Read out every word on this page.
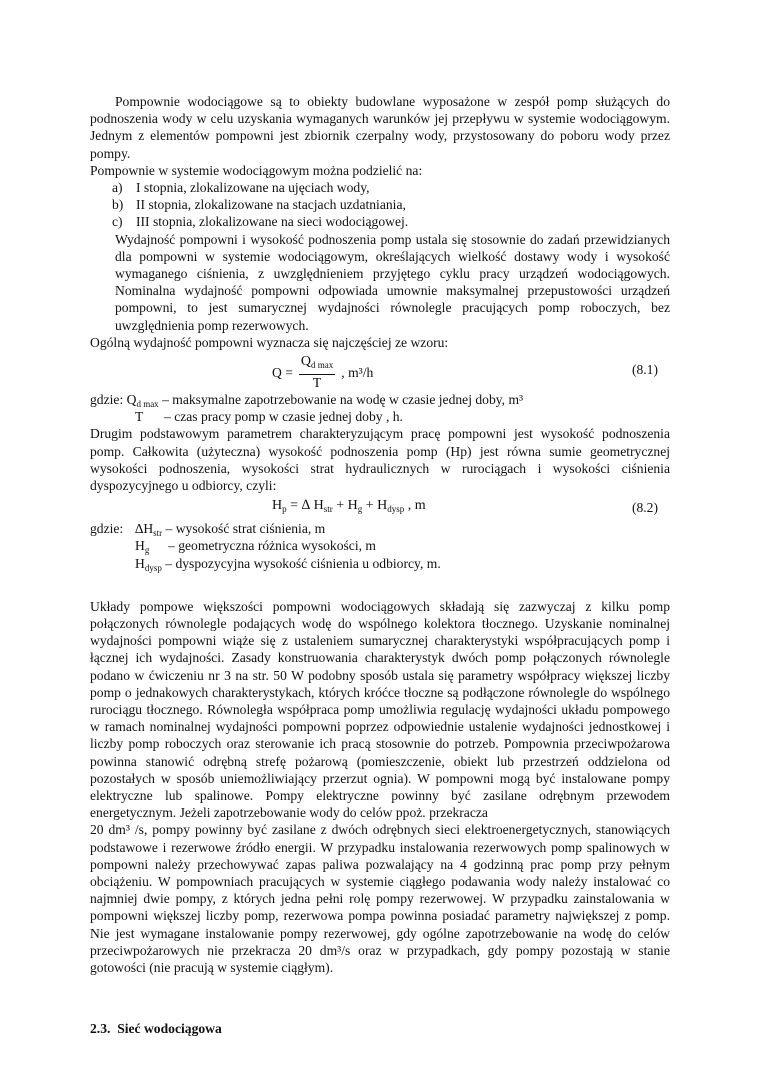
Pompownie wodociągowe są to obiekty budowlane wyposażone w zespół pomp służących do podnoszenia wody w celu uzyskania wymaganych warunków jej przepływu w systemie wodociągowym. Jednym z elementów pompowni jest zbiornik czerpalny wody, przystosowany do poboru wody przez pompy.

Pompownie w systemie wodociągowym można podzielić na:

a) I stopnia, zlokalizowane na ujęciach wody,
b) II stopnia, zlokalizowane na stacjach uzdatniania,
c) III stopnia, zlokalizowane na sieci wodociągowej.

Wydajność pompowni i wysokość podnoszenia pomp ustala się stosownie do zadań przewidzianych dla pompowni w systemie wodociągowym, określających wielkość dostawy wody i wysokość wymaganego ciśnienia, z uwzględnieniem przyjętego cyklu pracy urządzeń wodociągowych. Nominalna wydajność pompowni odpowiada umownie maksymalnej przepustowości urządzeń pompowni, to jest sumarycznej wydajności równolegle pracujących pomp roboczych, bez uwzględnienia pomp rezerwowych.

Ogólną wydajność pompowni wyznacza się najczęściej ze wzoru:

$Q = \frac{Q_{d max}}{T}$ , m³/h	(8.1)
gdzie: $Q_{d max}$ – maksymalne zapotrzebowanie na wodę w czasie jednej doby, m³
T – czas pracy pomp w czasie jednej doby , h.

Drugim podstawowym parametrem charakteryzującym pracę pompowni jest wysokość podnoszenia pomp. Całkowita (użyteczna) wysokość podnoszenia pomp (Hp) jest równa sumie geometrycznej wysokości podnoszenia, wysokości strat hydraulicznych w rurociągach i wysokości ciśnienia dyspozycyjnego u odbiorcy, czyli:

$H_p$ = ∆ $H_{str} + H_g + H_{dysp}$ , m	(8.2)
gdzie: $\Delta H_{str}$ – wysokość strat ciśnienia, m
$H_g$ – geometryczna różnica wysokości, m
$H_{dysp}$ – dyspozycyjna wysokość ciśnienia u odbiorcy, m.

Układy pompowe większości pompowni wodociągowych składają się zazwyczaj z kilku pomp połączonych równolegle podających wodę do wspólnego kolektora tłocznego. Uzyskanie nominalnej wydajności pompowni wiąże się z ustaleniem sumarycznej charakterystyki współpracujących pomp i łącznej ich wydajności. Zasady konstruowania charakterystyk dwóch pomp połączonych równolegle podano w ćwiczeniu nr 3 na str. 50 W podobny sposób ustala się parametry współpracy większej liczby pomp o jednakowych charakterystykach, których króćce tłoczne są podłączone równolegle do wspólnego rurociągu tłocznego. Równoległa współpraca pomp umożliwia regulację wydajności układu pompowego w ramach nominalnej wydajności pompowni poprzez odpowiednie ustalenie wydajności jednostkowej i liczby pomp roboczych oraz sterowanie ich pracą stosownie do potrzeb. Pompownia przeciwpożarowa powinna stanowić odrębną strefę pożarową (pomieszczenie, obiekt lub przestrzeń oddzielona od pozostałych w sposób uniemożliwiający przerzut ognia). W pompowni mogą być instalowane pompy elektryczne lub spalinowe. Pompy elektryczne powinny być zasilane odrębnym przewodem energetycznym. Jeżeli zapotrzebowanie wody do celów ppoż. przekracza

20 dm³ /s, pompy powinny być zasilane z dwóch odrębnych sieci elektroenergetycznych, stanowiących podstawowe i rezerwowe źródło energii. W przypadku instalowania rezerwowych pomp spalinowych w pompowni należy przechowywać zapas paliwa pozwalający na 4 godzinną prac pomp przy pełnym obciążeniu. W pompowniach pracujących w systemie ciągłego podawania wody należy instalować co najmniej dwie pompy, z których jedna pełni rolę pompy rezerwowej. W przypadku zainstalowania w pompowni większej liczby pomp, rezerwowa pompa powinna posiadać parametry największej z pomp. Nie jest wymagane instalowanie pompy rezerwowej, gdy ogólne zapotrzebowanie na wodę do celów przeciwpożarowych nie przekracza 20 dm³/s oraz w przypadkach, gdy pompy pozostają w stanie gotowości (nie pracują w systemie ciągłym).

2.3. Sieć wodociągowa
